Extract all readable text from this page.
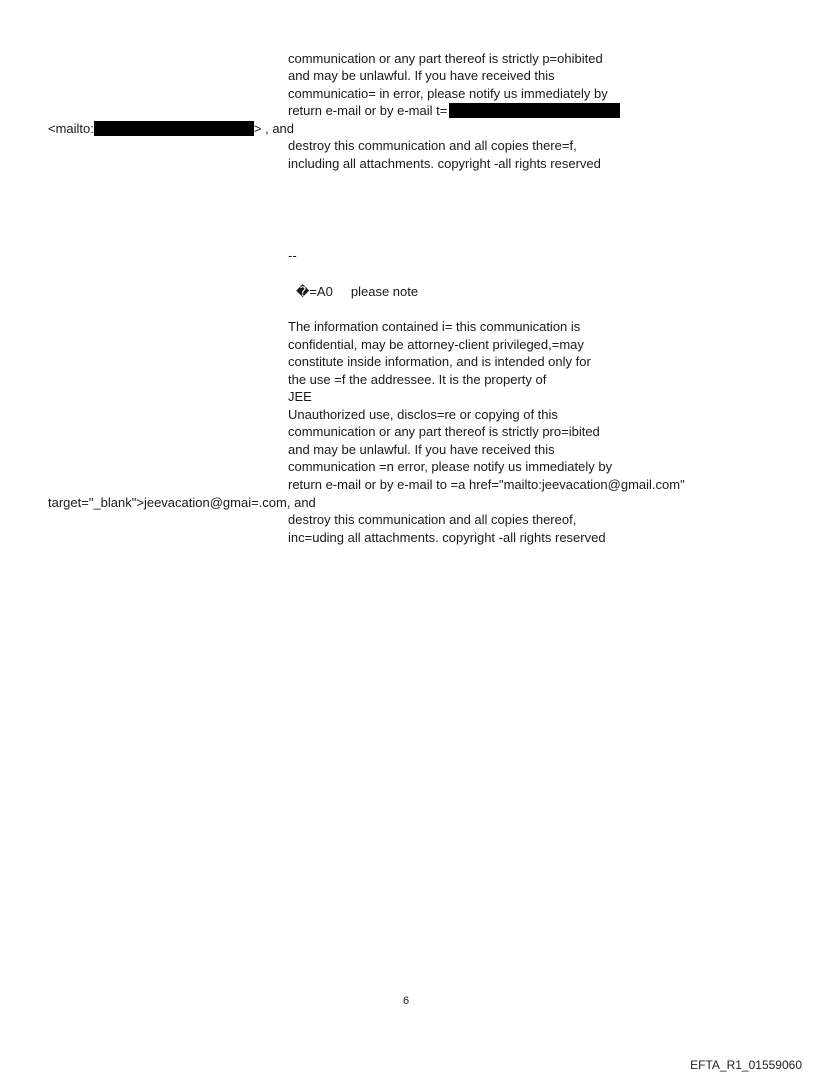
communication or any part thereof is strictly p=ohibited
and may be unlawful. If you have received this
communicatio= in error, please notify us immediately by
return e-mail or by e-mail t=
<mailto:	> , and
destroy this communication and all copies there=f,
including all attachments. copyright -all rights reserved
--
�=A0     please note
The information contained i= this communication is
confidential, may be attorney-client privileged,=may
constitute inside information, and is intended only for
the use =f the addressee. It is the property of
JEE
Unauthorized use, disclos=re or copying of this
communication or any part thereof is strictly pro=ibited
and may be unlawful. If you have received this
communication =n error, please notify us immediately by
return e-mail or by e-mail to =a href="mailto:jeevacation@gmail.com"
target="_blank">jeevacation@gmai=.com, and
destroy this communication and all copies thereof,
inc=uding all attachments. copyright -all rights reserved
6
EFTA_R1_01559060
